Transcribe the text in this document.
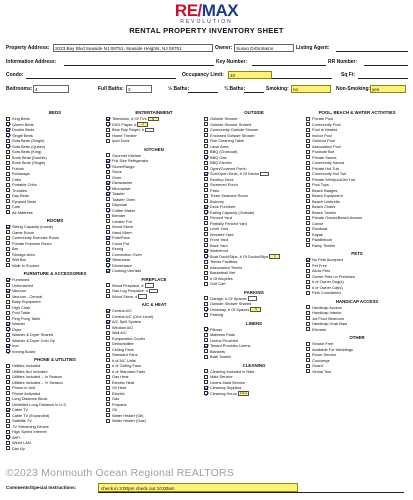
RE/MAX
REVOLUTION
RENTAL PROPERTY INVENTORY SHEET
Property Address:	2023 Bay Blvd Seaside NJ 08751, Seaside Heights, NJ 08751	Owner: Susan DiGirolamo	Listing Agent:
Information Address:	Key Number:	RR Number:
Condo:	Occupancy Limit:	10	Sq Ft:
Bedrooms: 4	Full Baths: 3	½ Baths:	¾ Baths:	Smoking: no	Non-Smoking: yes
BEDS
King Beds
Queen Beds
Double Beds
Single Beds
Sofa Beds (Single)
Sofa Beds (Queen)
Sofa Beds (King)
Bunk Beds (Double)
Bunk Beds (Single)
Futons
Rollaways
Cribs
Portable Cribs
Trundles
Day Beds
Pyramid Beds
Cots
Air Mattress
ROOMS
Sitting Capacity (Inside)
Game Room
Community Exercise Room
Private Exercise Room
Bar
Storage Area
Wet Bar
Walk In Shower
FURNITURE & ACCESSORIES
Furnished
Unfurnished
Vacuum
Vacuum - Central
Baby Equipment
High Chair
Pool Table
Ping Pong Table
Washer
Dryer
Washer & Dryer Shared
Washer & Dryer Coin Op
Iron
Ironing Board
PHONE & UTILITIES
Utilities Included
Utilities Not Included
Utilities Included – In Season
Utilities Included – Yr Season
Phone in Unit
Phone Activated
Long Distance Block
Unlimited Long Distance in U.S.
Cable TV
Cable TV (Expanded)
Satellite TV
TV Streaming Device
High Speed Internet
WiFi
Wired LAN
Dial Up
ENTERTAINMENT
Television, # Of TVs 5
DVD Player, # 1
Blue Ray Player, #
Home Theater
Ipod Dock
KITCHEN
Gourmet Kitchen
Full Size Refrigerator
Stove/Range
Stove
Oven
Dishwasher
Microwave
Toaster
Toaster Oven
Disposal
Coffee Maker
Blender
Lobster Pot
Wood Stove
Hand Mixer
Pots/Pans
Crock Pot
Keurig
Convection Oven
Silverware
Dinnerware
Cooking Utensils
FIREPLACE
Wood Fireplace, #
Gas Log Fireplace, #
Wood Stove, #
A/C & HEAT
Central A/C
Central A/C (One Level)
A/C Split System
Window A/C
Wall A/C
Evaporative Cooler
Dehumidifier
Ceiling Fans
Standard Fans
# of A/C Units
# of Ceiling Fans
# of Standard Fans
Gas Heat
Electric Heat
Oil Heat
Electric
Gas
Propane
Oil
Water Heater (Oil)
Water Heater (Gas)
OUTSIDE
Outside Shower
Outside Shower Shared
Community Outside Shower
Enclosed Outside Shower
Fish Cleaning Table
Lawn Area
BBQ (Charcoal)
BBQ Gas
BBQ Electric
Open/Covered Porch
Sun/Open Deck, # Of Decks
Rooftop Deck
Screened Porch
Patio
Three Seasons Room
Balcony
Deck Furniture
Eating Capacity (Outside)
Fenced Yard
Partially Fenced Yard
Level Yard
Wooded Yard
Front Yard
Back Yard
Waterfront
Boat Dock/Slips, # Of Docks/Slips 1
Tennis Facilities
Association Tennis
Basketball Net
# Of Bicycles
Golf Cart
PARKING
Garage, # Of Spaces
Outside Shower Shared
Driveway, # Of Spaces 4
Parking
LINENS
Pillows
Mattress Pads
Linens Provided
Tenant Provides Linens
Blankets
Bath Towels
CLEANING
Cleaning Included in Rate
Maid Service
Linens Maid Service
Cleaning Supplies
Cleaning Hours 10-2
POOL, BEACH & WATER ACTIVITIES
Private Pool
Community Pool
Pool is Heated
Indoor Pool
Outdoor Pool
Association Pool
Poolside Bar
Private Sauna
Community Sauna
Private Hot Tub
Community Hot Tub
Private Whirlpool/Jet Tub
Pool Toys
Beach Badges
Beach Equipment
Beach Umbrella
Beach Chairs
Beach Towels
Private Ocean/Beach Access
Canoe
Rowboat
Kayak
Paddleboat
Rainy Tickets
PETS
No Pets Accepted
Pet Free
Allow Pets
Owner Pets on Premises
# of Owner Dog(s)
# of Owner Cat(s)
Pets Considered
HANDICAP ACCESS
Handicap Access
Handicap Interior
1st Floor Bedroom
Handicap Grab Bars
Elevator
OTHER
Smoke Free
Available For Weddings
Room Service
Concierge
Guard
Virtual Tour
©2023 Monmouth Ocean Regional REALTORS
Comments/Special Instructions:	check in 3:00pm check out 10:00am
